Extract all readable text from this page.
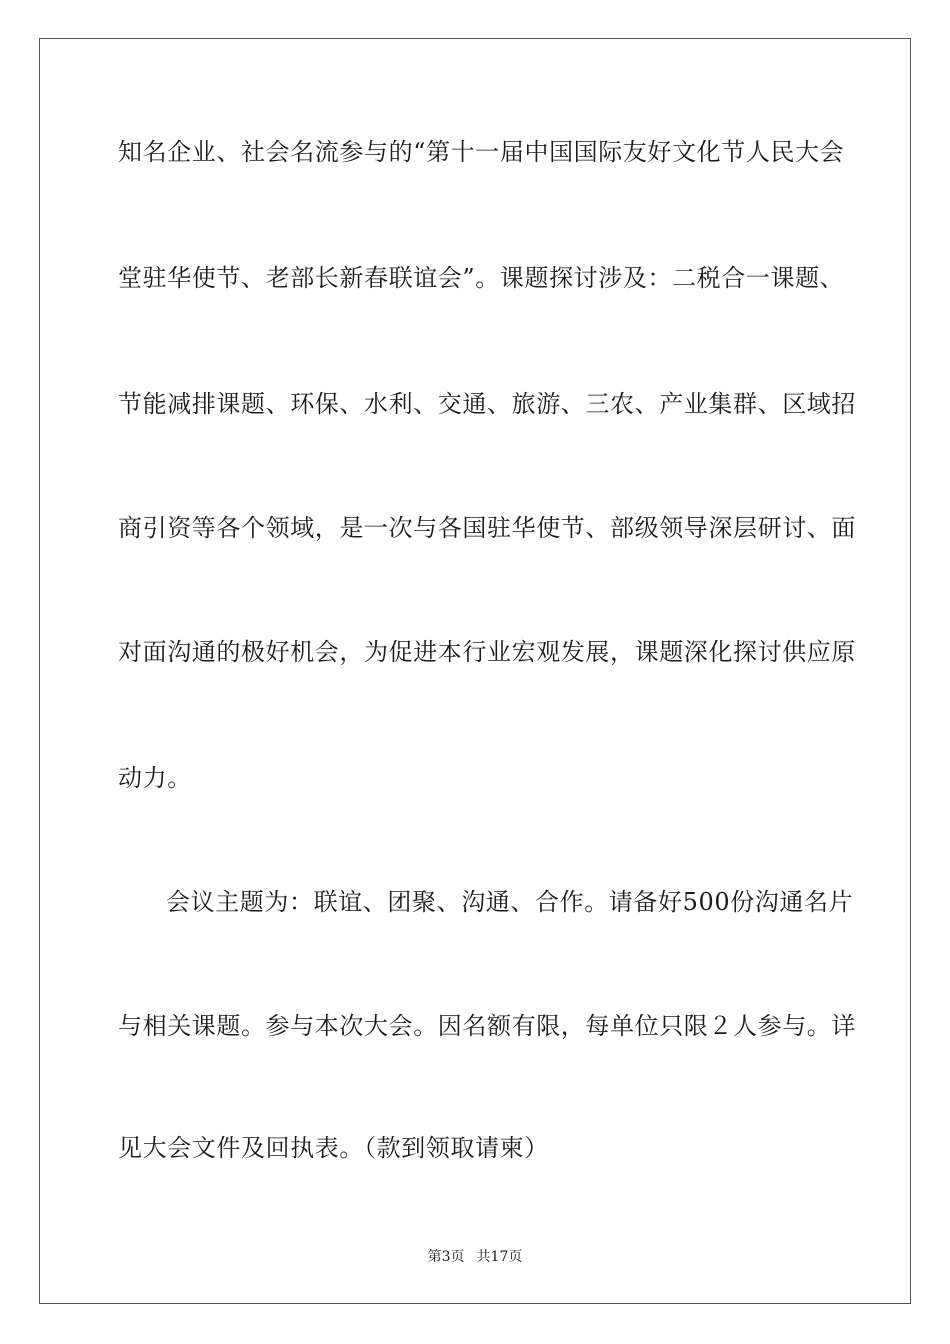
知名企业、社会名流参与的“第十一届中国国际友好文化节人民大会
堂驻华使节、老部长新春联谊会”。课题探讨涉及：二税合一课题、
节能减排课题、环保、水利、交通、旅游、三农、产业集群、区域招
商引资等各个领域，是一次与各国驻华使节、部级领导深层研讨、面
对面沟通的极好机会，为促进本行业宏观发展，课题深化探讨供应原
动力。
会议主题为：联谊、团聚、沟通、合作。请备好500份沟通名片
与相关课题。参与本次大会。因名额有限，每单位只限２人参与。详
见大会文件及回执表。（款到领取请柬）
第3页 共17页
